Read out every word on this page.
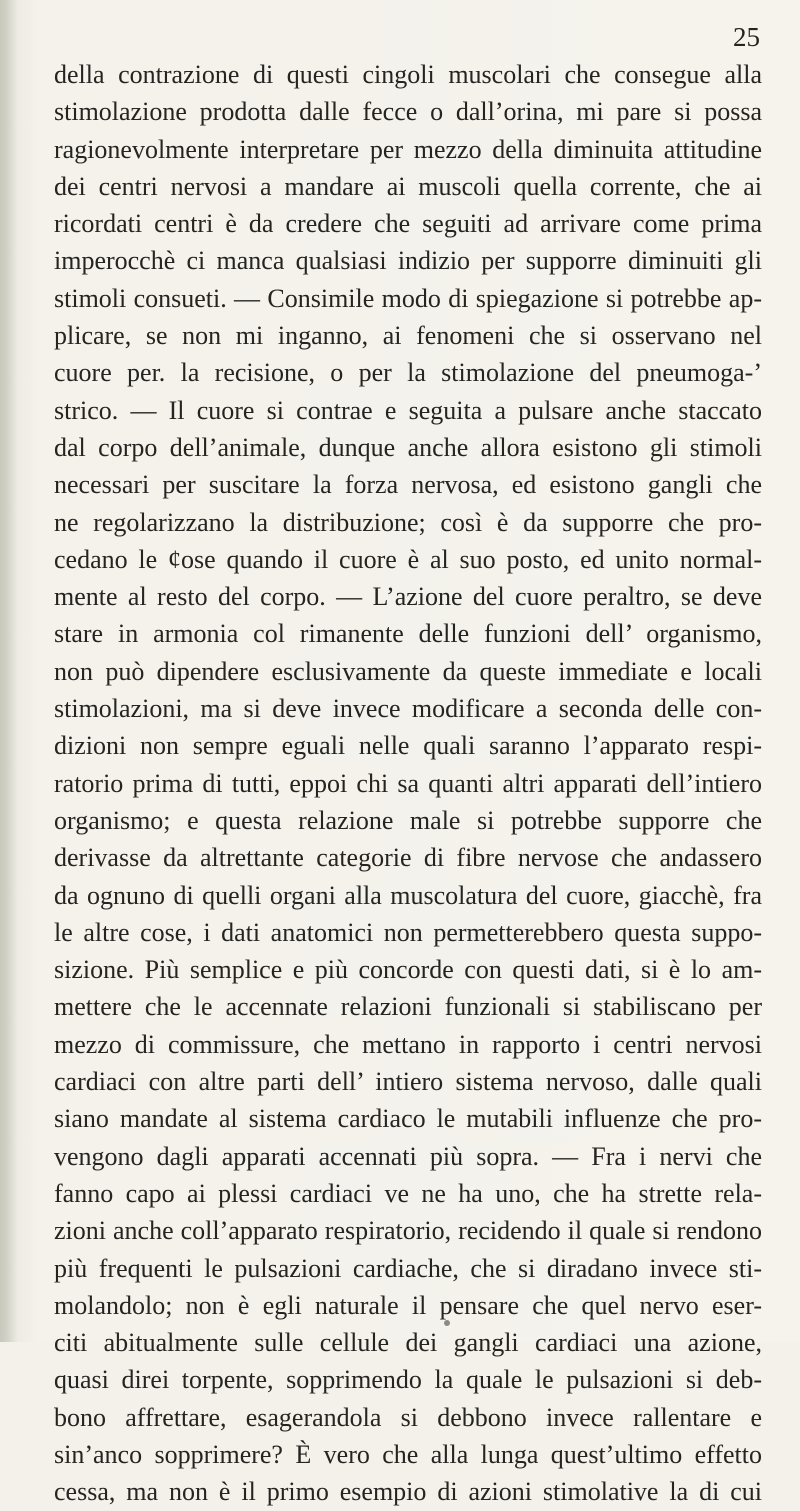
25
della contrazione di questi cingoli muscolari che consegue alla
stimolazione prodotta dalle fecce o dall’orina, mi pare si possa
ragionevolmente interpretare per mezzo della diminuita attitudine
dei centri nervosi a mandare ai muscoli quella corrente, che ai
ricordati centri è da credere che seguiti ad arrivare come prima
imperocchè ci manca qualsiasi indizio per supporre diminuiti gli
stimoli consueti. — Consimile modo di spiegazione si potrebbe ap-
plicare, se non mi inganno, ai fenomeni che si osservano nel
cuore per. la recisione, o per la stimolazione del pneumoga-’
strico. — Il cuore si contrae e seguita a pulsare anche staccato
dal corpo dell’animale, dunque anche allora esistono gli stimoli
necessari per suscitare la forza nervosa, ed esistono gangli che
ne regolarizzano la distribuzione; così è da supporre che pro-
cedano le ¢ose quando il cuore è al suo posto, ed unito normal-
mente al resto del corpo. — L’azione del cuore peraltro, se deve
stare in armonia col rimanente delle funzioni dell’ organismo,
non può dipendere esclusivamente da queste immediate e locali
stimolazioni, ma si deve invece modificare a seconda delle con-
dizioni non sempre eguali nelle quali saranno l’apparato respi-
ratorio prima di tutti, eppoi chi sa quanti altri apparati dell’intiero
organismo; e questa relazione male si potrebbe supporre che
derivasse da altrettante categorie di fibre nervose che andassero
da ognuno di quelli organi alla muscolatura del cuore, giacchè, fra
le altre cose, i dati anatomici non permetterebbero questa suppo-
sizione. Più semplice e più concorde con questi dati, si è lo am-
mettere che le accennate relazioni funzionali si stabiliscano per
mezzo di commissure, che mettano in rapporto i centri nervosi
cardiaci con altre parti dell’ intiero sistema nervoso, dalle quali
siano mandate al sistema cardiaco le mutabili influenze che pro-
vengono dagli apparati accennati più sopra. — Fra i nervi che
fanno capo ai plessi cardiaci ve ne ha uno, che ha strette rela-
zioni anche coll’apparato respiratorio, recidendo il quale si rendono
più frequenti le pulsazioni cardiache, che si diradano invece sti-
molandolo; non è egli naturale il pensare che quel nervo eser-
citi abitualmente sulle cellule dei gangli cardiaci una azione,
quasi direi torpente, sopprimendo la quale le pulsazioni si deb-
bono affrettare, esagerandola si debbono invece rallentare e
sin’anco sopprimere? È vero che alla lunga quest’ultimo effetto
cessa, ma non è il primo esempio di azioni stimolative la di cui
